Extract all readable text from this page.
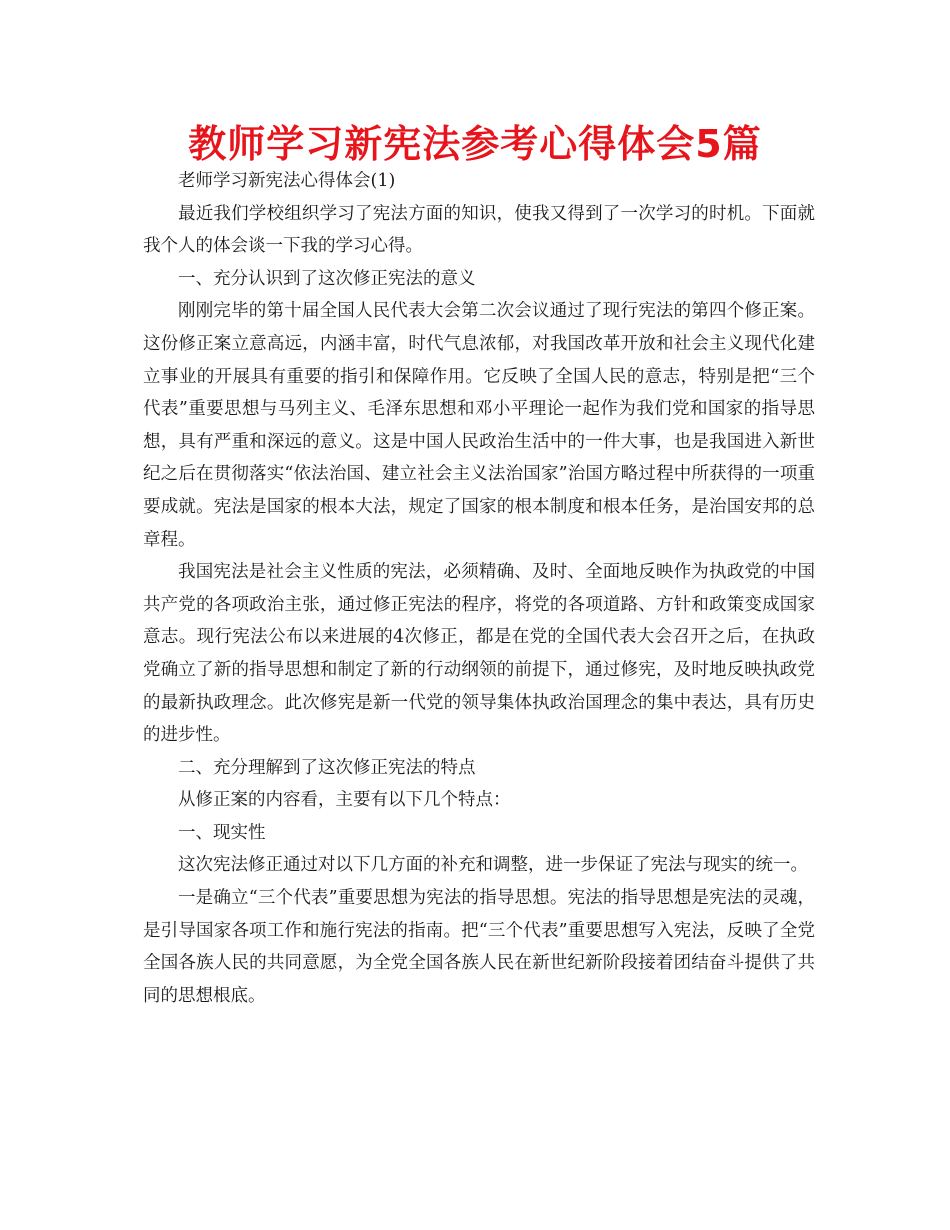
教师学习新宪法参考心得体会5篇

老师学习新宪法心得体会(1)

最近我们学校组织学习了宪法方面的知识，使我又得到了一次学习的时机。下面就我个人的体会谈一下我的学习心得。

一、充分认识到了这次修正宪法的意义

刚刚完毕的第十届全国人民代表大会第二次会议通过了现行宪法的第四个修正案。这份修正案立意高远，内涵丰富，时代气息浓郁，对我国改革开放和社会主义现代化建立事业的开展具有重要的指引和保障作用。它反映了全国人民的意志，特别是把“三个代表”重要思想与马列主义、毛泽东思想和邓小平理论一起作为我们党和国家的指导思想，具有严重和深远的意义。这是中国人民政治生活中的一件大事，也是我国进入新世纪之后在贯彻落实“依法治国、建立社会主义法治国家”治国方略过程中所获得的一项重要成就。宪法是国家的根本大法，规定了国家的根本制度和根本任务，是治国安邦的总章程。

我国宪法是社会主义性质的宪法，必须精确、及时、全面地反映作为执政党的中国共产党的各项政治主张，通过修正宪法的程序，将党的各项道路、方针和政策变成国家意志。现行宪法公布以来进展的4次修正，都是在党的全国代表大会召开之后，在执政党确立了新的指导思想和制定了新的行动纲领的前提下，通过修宪，及时地反映执政党的最新执政理念。此次修宪是新一代党的领导集体执政治国理念的集中表达，具有历史的进步性。

二、充分理解到了这次修正宪法的特点

从修正案的内容看，主要有以下几个特点：

一、现实性

这次宪法修正通过对以下几方面的补充和调整，进一步保证了宪法与现实的统一。

一是确立“三个代表”重要思想为宪法的指导思想。宪法的指导思想是宪法的灵魂，是引导国家各项工作和施行宪法的指南。把“三个代表”重要思想写入宪法，反映了全党全国各族人民的共同意愿，为全党全国各族人民在新世纪新阶段接着团结奋斗提供了共同的思想根底。
